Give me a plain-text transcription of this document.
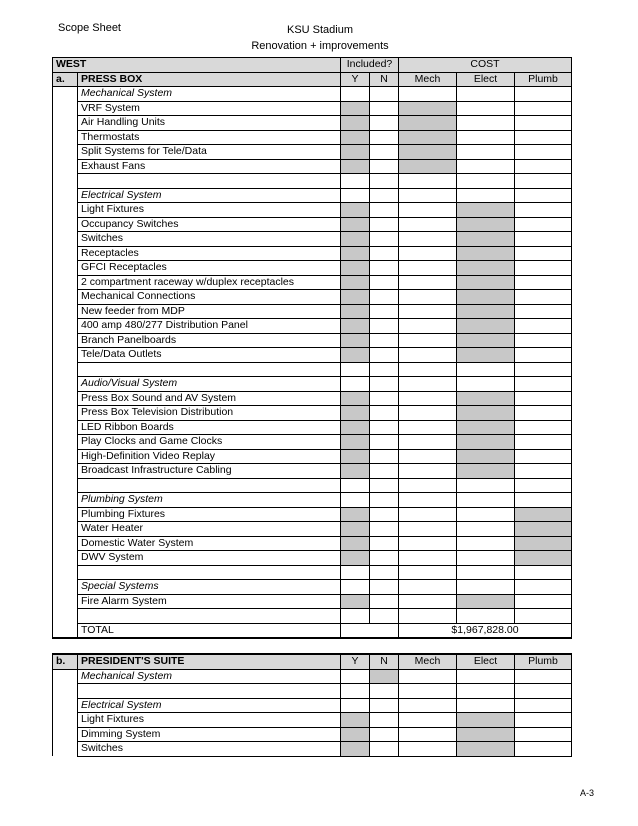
Scope Sheet	KSU Stadium
Renovation + improvements
WEST		Included?		COST		
a.	PRESS BOX	Y	N	Mech	Elect	Plumb
	Mechanical System					
	VRF System					
	Air Handling Units					
	Thermostats					
	Split Systems for Tele/Data					
	Exhaust Fans					

	Electrical System					
	Light Fixtures					
	Occupancy Switches					
	Switches					
	Receptacles					
	GFCI Receptacles					
	2 compartment raceway w/duplex receptacles					
	Mechanical Connections					
	New feeder from MDP					
	400 amp 480/277 Distribution Panel					
	Branch Panelboards					
	Tele/Data Outlets					

	Audio/Visual System					
	Press Box Sound and AV System					
	Press Box Television Distribution					
	LED Ribbon Boards					
	Play Clocks and Game Clocks					
	High-Definition Video Replay					
	Broadcast Infrastructure Cabling					

	Plumbing System					
	Plumbing Fixtures					
	Water Heater					
	Domestic Water System					
	DWV System					

	Special Systems					
	Fire Alarm System					

	TOTAL			$1,967,828.00		
b.	PRESIDENT'S SUITE	Y	N	Mech	Elect	Plumb
	Mechanical System					

	Electrical System					
	Light Fixtures					
	Dimming System					
	Switches					
A-3
